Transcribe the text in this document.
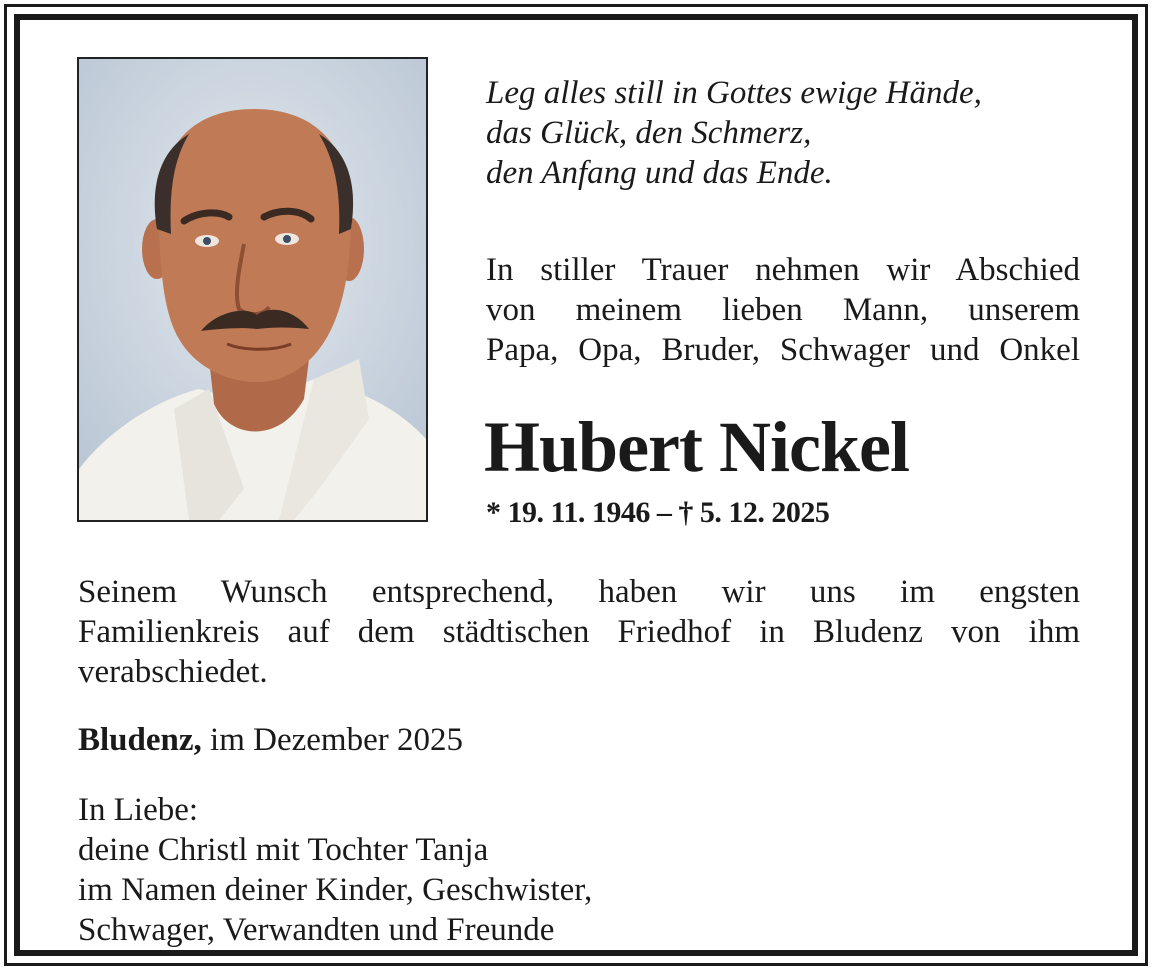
Leg alles still in Gottes ewige Hände,
das Glück, den Schmerz,
den Anfang und das Ende.
In stiller Trauer nehmen wir Abschied
von meinem lieben Mann, unserem
Papa, Opa, Bruder, Schwager und Onkel
Hubert Nickel
* 19. 11. 1946 – † 5. 12. 2025
Seinem Wunsch entsprechend, haben wir uns im engsten
Familienkreis auf dem städtischen Friedhof in Bludenz von ihm
verabschiedet.
Bludenz, im Dezember 2025
In Liebe:
deine Christl mit Tochter Tanja
im Namen deiner Kinder, Geschwister,
Schwager, Verwandten und Freunde
